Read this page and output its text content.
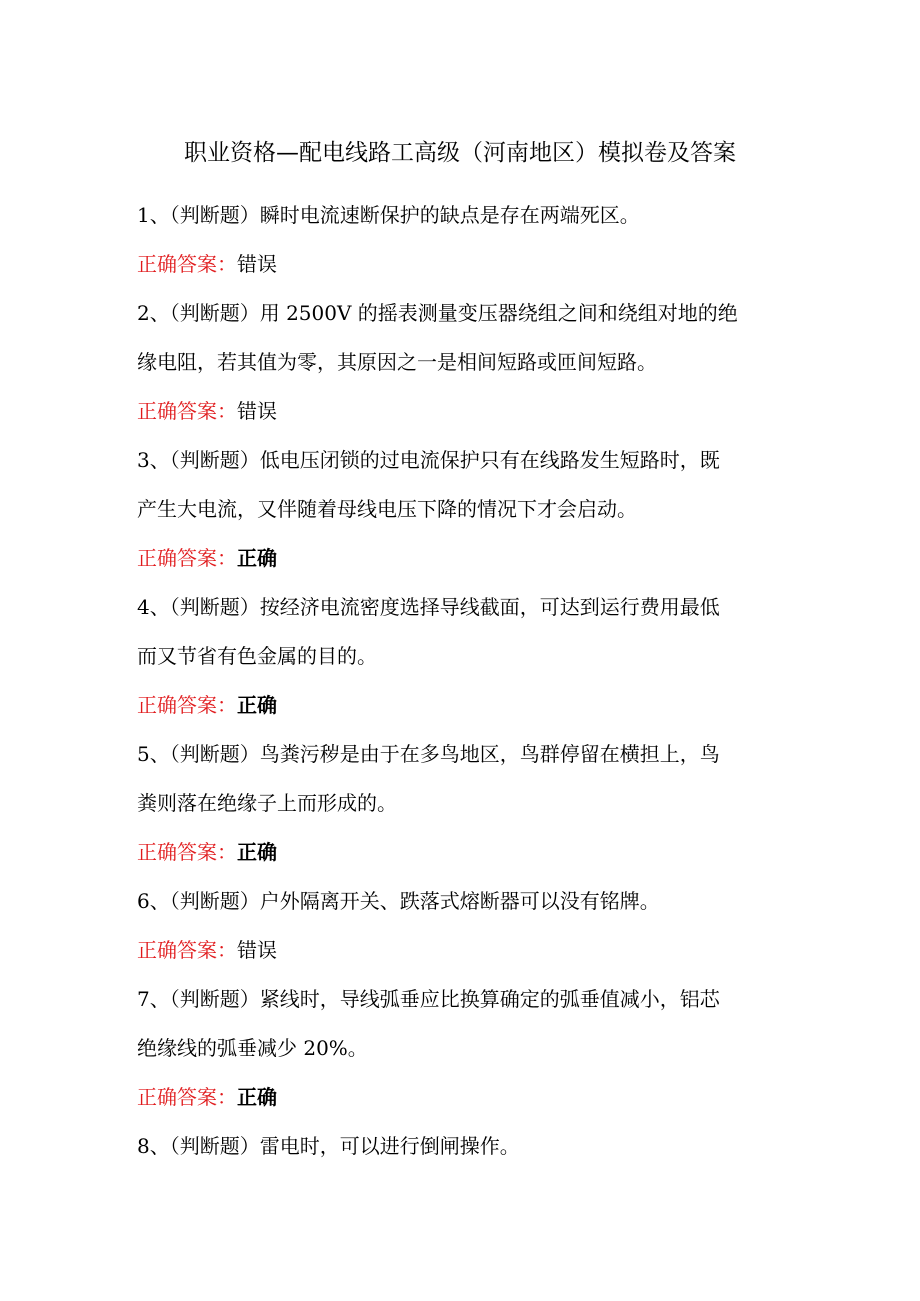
职业资格—配电线路工高级（河南地区）模拟卷及答案
1、（判断题）瞬时电流速断保护的缺点是存在两端死区。
正确答案：错误
2、（判断题）用 2500V 的摇表测量变压器绕组之间和绕组对地的绝
缘电阻，若其值为零，其原因之一是相间短路或匝间短路。
正确答案：错误
3、（判断题）低电压闭锁的过电流保护只有在线路发生短路时，既
产生大电流，又伴随着母线电压下降的情况下才会启动。
正确答案：正确
4、（判断题）按经济电流密度选择导线截面，可达到运行费用最低
而又节省有色金属的目的。
正确答案：正确
5、（判断题）鸟粪污秽是由于在多鸟地区，鸟群停留在横担上，鸟
粪则落在绝缘子上而形成的。
正确答案：正确
6、（判断题）户外隔离开关、跌落式熔断器可以没有铭牌。
正确答案：错误
7、（判断题）紧线时，导线弧垂应比换算确定的弧垂值减小，铝芯
绝缘线的弧垂减少 20%。
正确答案：正确
8、（判断题）雷电时，可以进行倒闸操作。
